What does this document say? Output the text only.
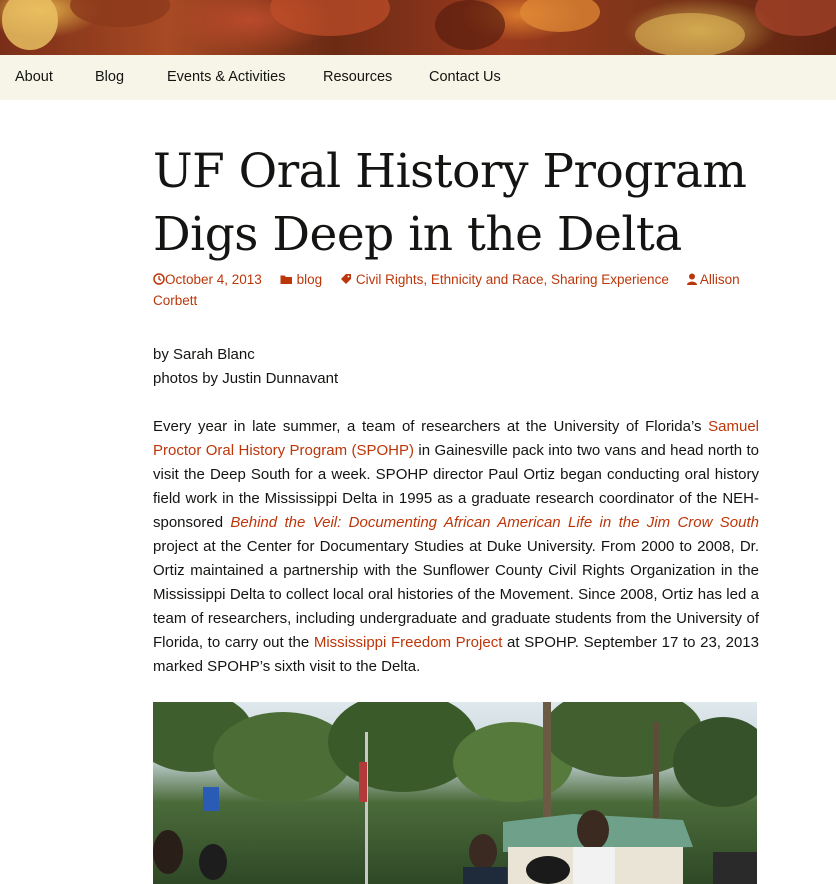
About	Blog	Events & Activities	Resources	Contact Us
UF Oral History Program Digs Deep in the Delta
October 4, 2013	blog	Civil Rights, Ethnicity and Race, Sharing Experience Allison Corbett
by Sarah Blanc
photos by Justin Dunnavant

Every year in late summer, a team of researchers at the University of Florida’s Samuel Proctor Oral History Program (SPOHP) in Gainesville pack into two vans and head north to visit the Deep South for a week. SPOHP director Paul Ortiz began conducting oral history field work in the Mississippi Delta in 1995 as a graduate research coordinator of the NEH-sponsored Behind the Veil: Documenting African American Life in the Jim Crow South project at the Center for Documentary Studies at Duke University. From 2000 to 2008, Dr. Ortiz maintained a partnership with the Sunflower County Civil Rights Organization in the Mississippi Delta to collect local oral histories of the Movement. Since 2008, Ortiz has led a team of researchers, including undergraduate and graduate students from the University of Florida, to carry out the Mississippi Freedom Project at SPOHP. September 17 to 23, 2013 marked SPOHP’s sixth visit to the Delta.
